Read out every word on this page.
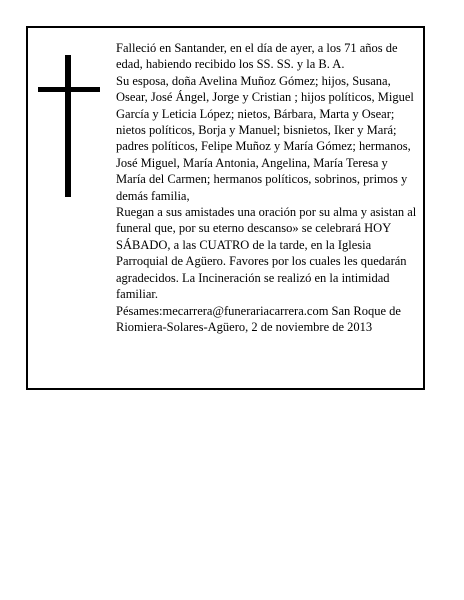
Falleció en Santander, en el día de ayer, a los 71 años de edad, habiendo recibido los SS. SS. y la B. A.

Su esposa, doña Avelina Muñoz Gómez; hijos, Susana, Osear, José Ángel, Jorge y Cristian ; hijos políticos, Miguel García y Leticia López; nietos, Bárbara, Marta y Osear; nietos políticos, Borja y Manuel; bisnietos, Iker y Mará; padres políticos, Felipe Muñoz y María Gómez; hermanos, José Miguel, María Antonia, Angelina, María Teresa y María del Carmen; hermanos políticos, sobrinos, primos y demás familia,

Ruegan a sus amistades una oración por su alma y asistan al funeral que, por su eterno descanso» se celebrará HOY SÁBADO, a las CUATRO de la tarde, en la Iglesia Parroquial de Agüero. Favores por los cuales les quedarán agradecidos. La Incineración se realizó en la intimidad familiar.

Pésames:mecarrera@funerariacarrera.com San Roque de Riomiera-Solares-Agüero, 2 de noviembre de 2013
